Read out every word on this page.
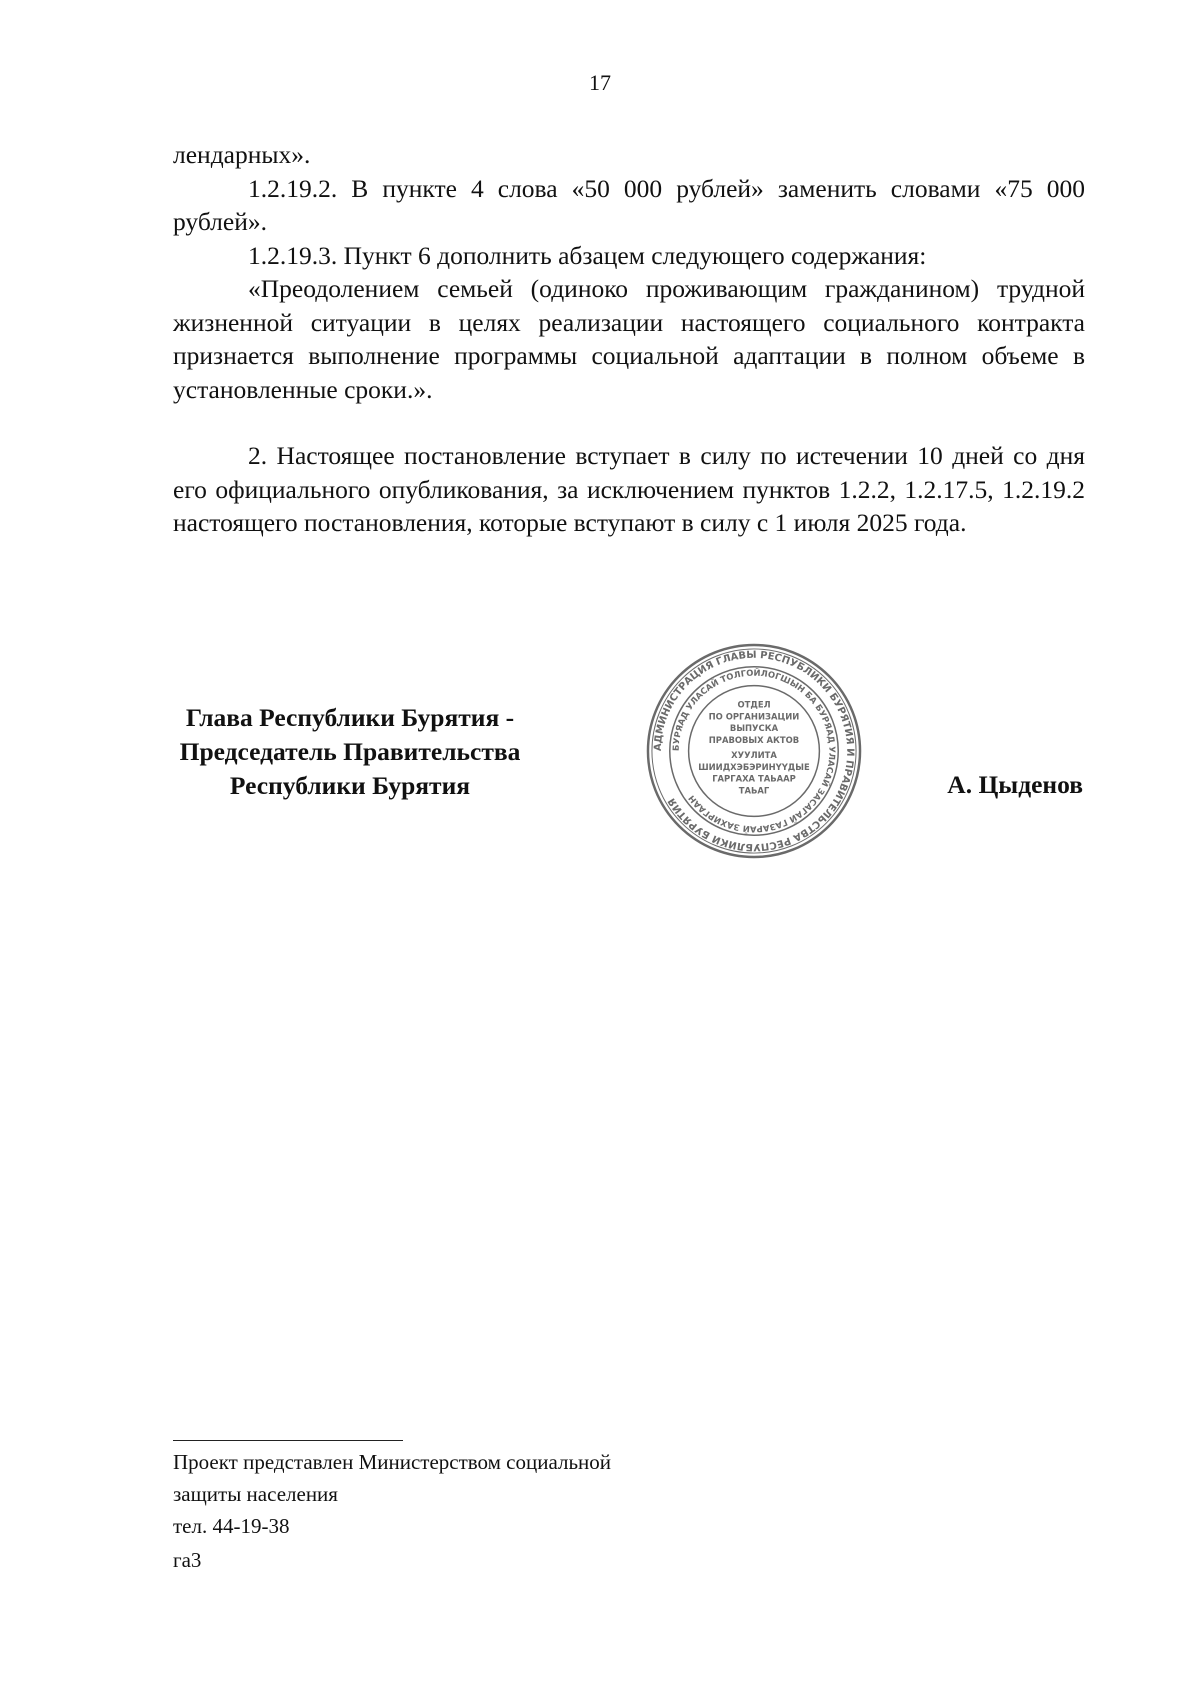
17

лендарных».

1.2.19.2. В пункте 4 слова «50 000 рублей» заменить словами «75 000 рублей».

1.2.19.3. Пункт 6 дополнить абзацем следующего содержания:

«Преодолением семьей (одиноко проживающим гражданином) трудной жизненной ситуации в целях реализации настоящего социального контракта признается выполнение программы социальной адаптации в полном объеме в установленные сроки.».

2. Настоящее постановление вступает в силу по истечении 10 дней со дня его официального опубликования, за исключением пунктов 1.2.2, 1.2.17.5, 1.2.19.2 настоящего постановления, которые вступают в силу с 1 июля 2025 года.

Глава Республики Бурятия -
Председатель Правительства
Республики Бурятия	А. Цыденов
АДМИНИСТРАЦИЯ ГЛАВЫ РЕСПУБЛИКИ БУРЯТИЯ И ПРАВИТЕЛЬСТВА РЕСПУБЛИКИ БУРЯТИЯ
БУРЯАД УЛАСАЙ ТОЛГОЙЛОГШЫН БА БУРЯАД УЛАСАЙ ЗАСАГАЙ ГАЗАРАЙ ЗАХИРГААН
ОТДЕЛ
ПО ОРГАНИЗАЦИИ
ВЫПУСКА
ПРАВОВЫХ АКТОВ
ХУУЛИТА
ШИИДХЭБЭРИНҮҮДЫЕ
ГАРГАХА ТАЬААР
ТАЬАГ
Проект представлен Министерством социальной
защиты населения
тел. 44-19-38
га3
